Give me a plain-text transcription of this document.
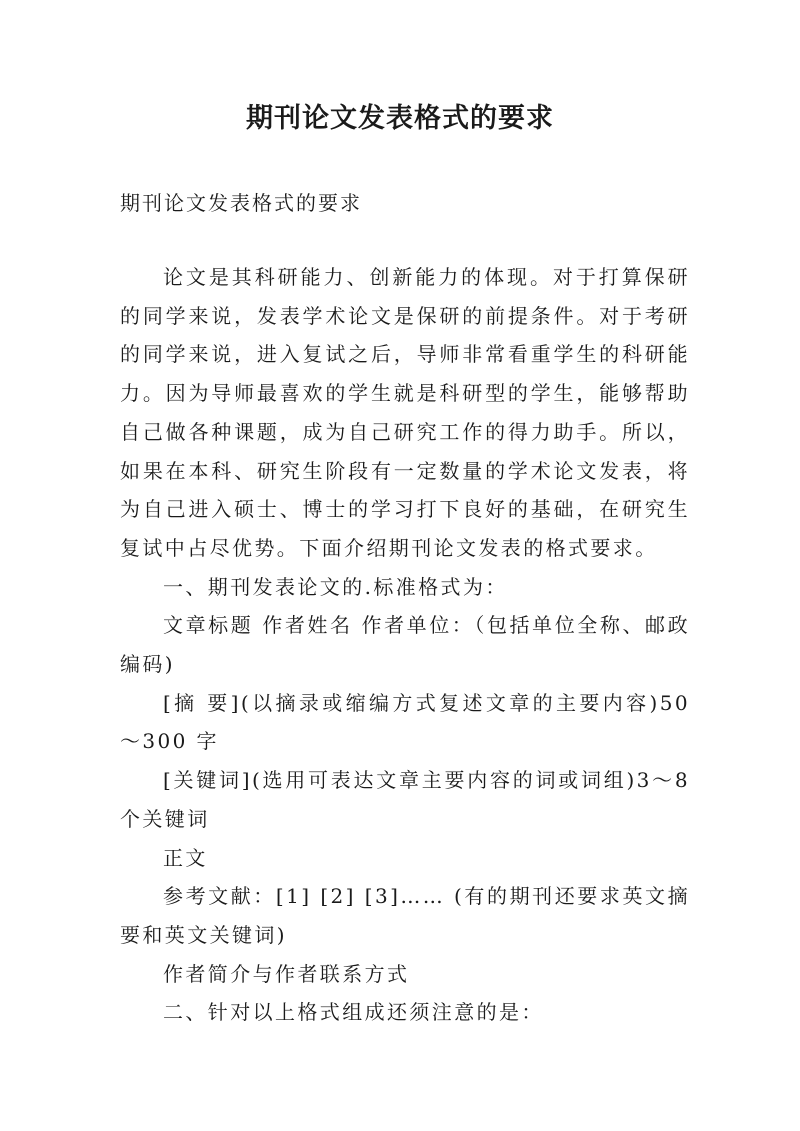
期刊论文发表格式的要求
期刊论文发表格式的要求

论文是其科研能力、创新能力的体现。对于打算保研的同学来说，发表学术论文是保研的前提条件。对于考研的同学来说，进入复试之后，导师非常看重学生的科研能力。因为导师最喜欢的学生就是科研型的学生，能够帮助自己做各种课题，成为自己研究工作的得力助手。所以，如果在本科、研究生阶段有一定数量的学术论文发表，将为自己进入硕士、博士的学习打下良好的基础，在研究生复试中占尽优势。下面介绍期刊论文发表的格式要求。

一、期刊发表论文的.标准格式为：

文章标题 作者姓名 作者单位：（包括单位全称、邮政编码)

[摘 要](以摘录或缩编方式复述文章的主要内容)50～300 字

[关键词](选用可表达文章主要内容的词或词组)3～8个关键词

正文

参考文献：[1] [2] [3]…… (有的期刊还要求英文摘要和英文关键词)

作者简介与作者联系方式

二、针对以上格式组成还须注意的是：
